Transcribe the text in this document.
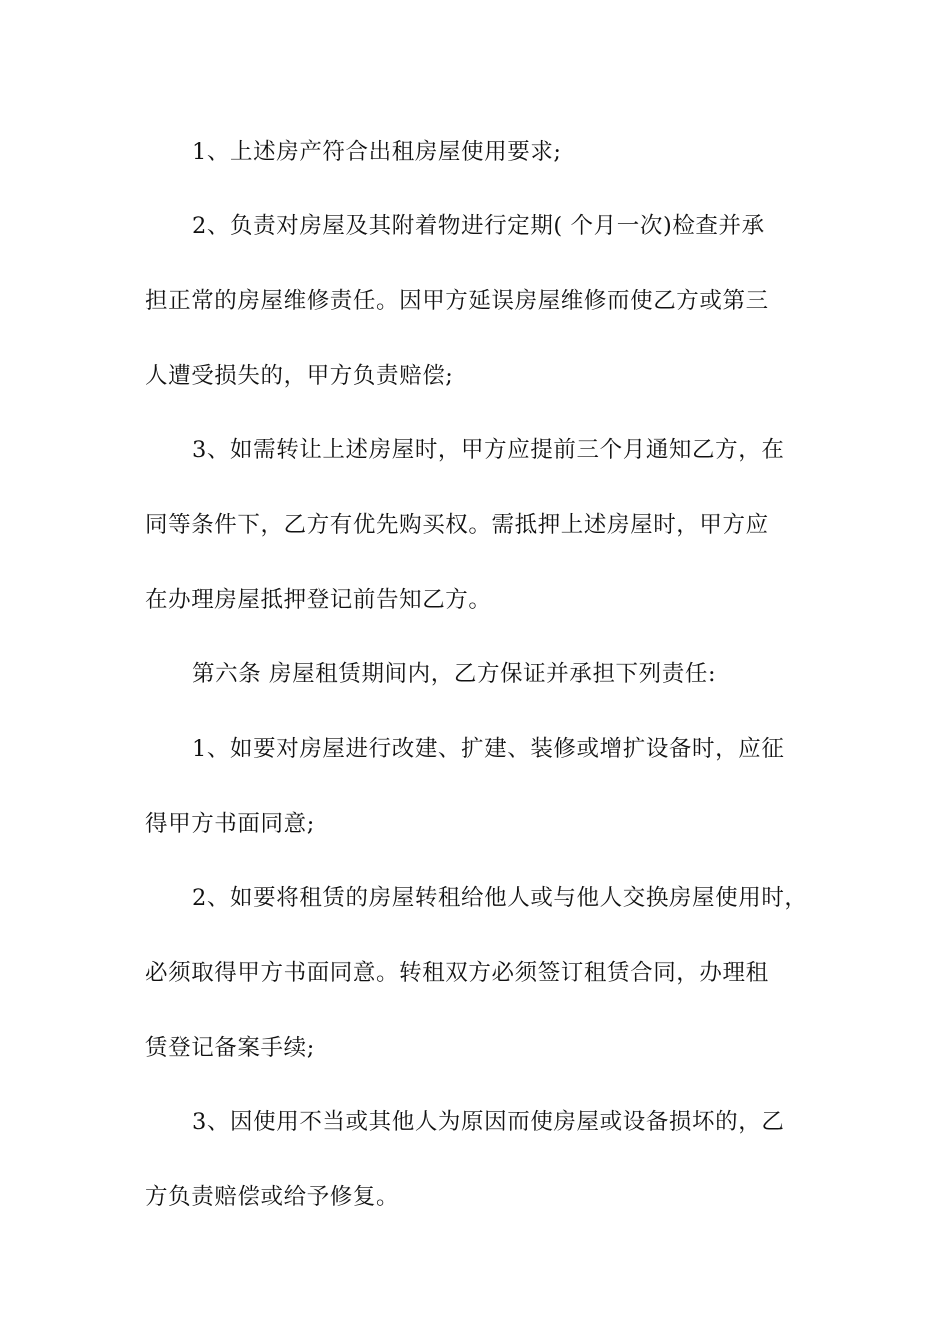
1、上述房产符合出租房屋使用要求;
2、负责对房屋及其附着物进行定期( 个月一次)检查并承
担正常的房屋维修责任。因甲方延误房屋维修而使乙方或第三
人遭受损失的，甲方负责赔偿;
3、如需转让上述房屋时，甲方应提前三个月通知乙方，在
同等条件下，乙方有优先购买权。需抵押上述房屋时，甲方应
在办理房屋抵押登记前告知乙方。
第六条 房屋租赁期间内，乙方保证并承担下列责任:
1、如要对房屋进行改建、扩建、装修或增扩设备时，应征
得甲方书面同意;
2、如要将租赁的房屋转租给他人或与他人交换房屋使用时，
必须取得甲方书面同意。转租双方必须签订租赁合同，办理租
赁登记备案手续;
3、因使用不当或其他人为原因而使房屋或设备损坏的，乙
方负责赔偿或给予修复。
